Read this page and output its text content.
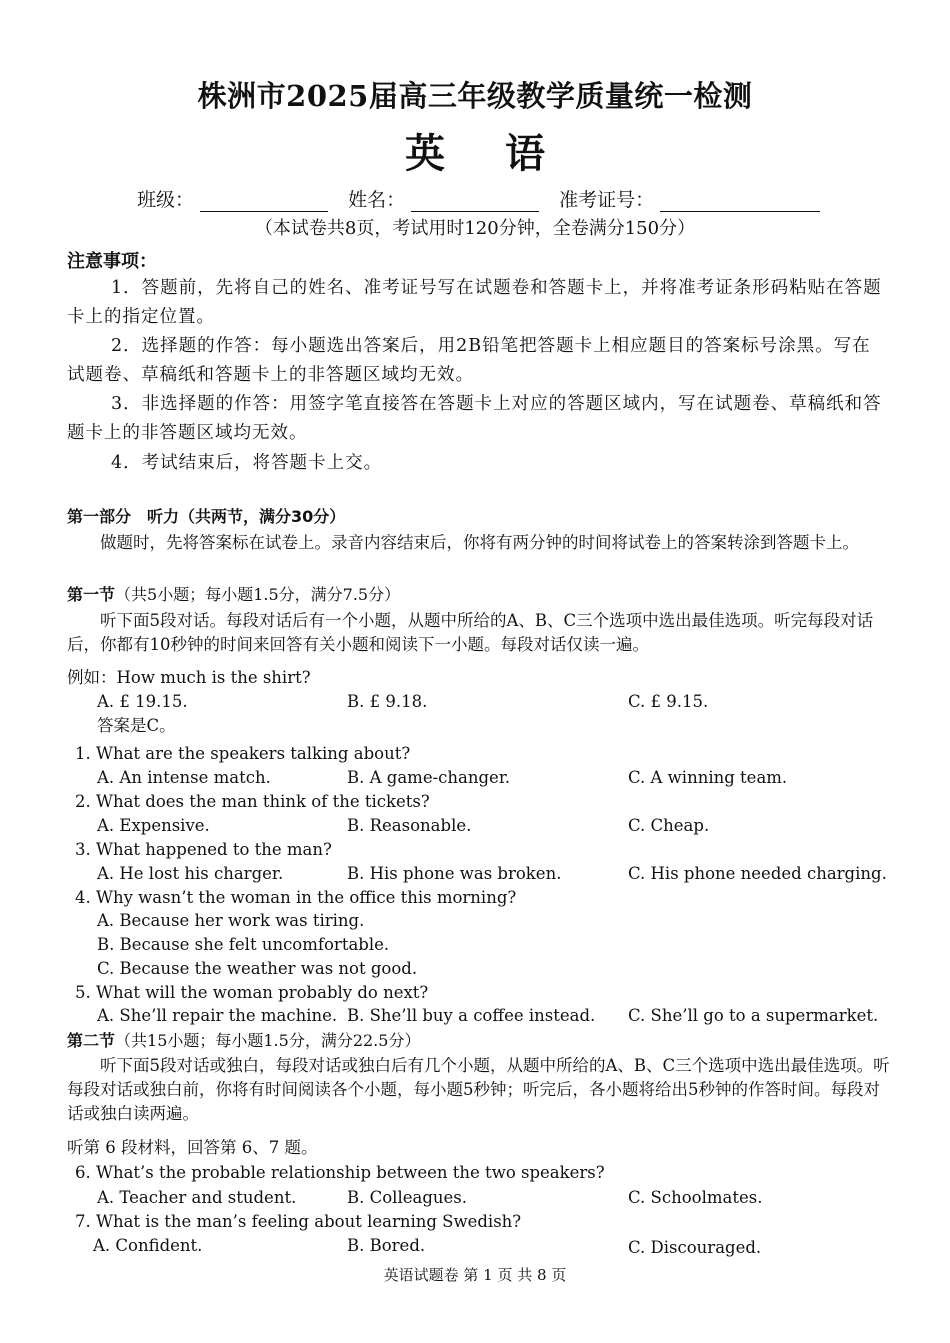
株洲市2025届高三年级教学质量统一检测
英 语
班级：	姓名：	准考证号：
（本试卷共8页，考试用时120分钟，全卷满分150分）
注意事项：
1．答题前，先将自己的姓名、准考证号写在试题卷和答题卡上，并将准考证条形码粘贴在答题卡上的指定位置。
2．选择题的作答：每小题选出答案后，用2B铅笔把答题卡上相应题目的答案标号涂黑。写在试题卷、草稿纸和答题卡上的非答题区域均无效。
3．非选择题的作答：用签字笔直接答在答题卡上对应的答题区域内，写在试题卷、草稿纸和答题卡上的非答题区域均无效。
4．考试结束后，将答题卡上交。
第一部分　听力（共两节，满分30分）
做题时，先将答案标在试卷上。录音内容结束后，你将有两分钟的时间将试卷上的答案转涂到答题卡上。
第一节（共5小题；每小题1.5分，满分7.5分）
听下面5段对话。每段对话后有一个小题，从题中所给的A、B、C三个选项中选出最佳选项。听完每段对话后，你都有10秒钟的时间来回答有关小题和阅读下一小题。每段对话仅读一遍。
例如：How much is the shirt?
A. £ 19.15.	B. £ 9.18.	C. £ 9.15.
答案是C。
1. What are the speakers talking about?
A. An intense match.	B. A game-changer.	C. A winning team.
2. What does the man think of the tickets?
A. Expensive.	B. Reasonable.	C. Cheap.
3. What happened to the man?
A. He lost his charger.	B. His phone was broken.	C. His phone needed charging.
4. Why wasn’t the woman in the office this morning?
A. Because her work was tiring.
B. Because she felt uncomfortable.
C. Because the weather was not good.
5. What will the woman probably do next?
A. She’ll repair the machine. B. She’ll buy a coffee instead. C. She’ll go to a supermarket.
第二节（共15小题；每小题1.5分，满分22.5分）
听下面5段对话或独白，每段对话或独白后有几个小题，从题中所给的A、B、C三个选项中选出最佳选项。听每段对话或独白前，你将有时间阅读各个小题，每小题5秒钟；听完后，各小题将给出5秒钟的作答时间。每段对话或独白读两遍。
听第 6 段材料，回答第 6、7 题。
6. What’s the probable relationship between the two speakers?
A. Teacher and student.	B. Colleagues.	C. Schoolmates.
7. What is the man’s feeling about learning Swedish?
A. Confident.	B. Bored.	C. Discouraged.
英语试题卷 第 1 页 共 8 页
